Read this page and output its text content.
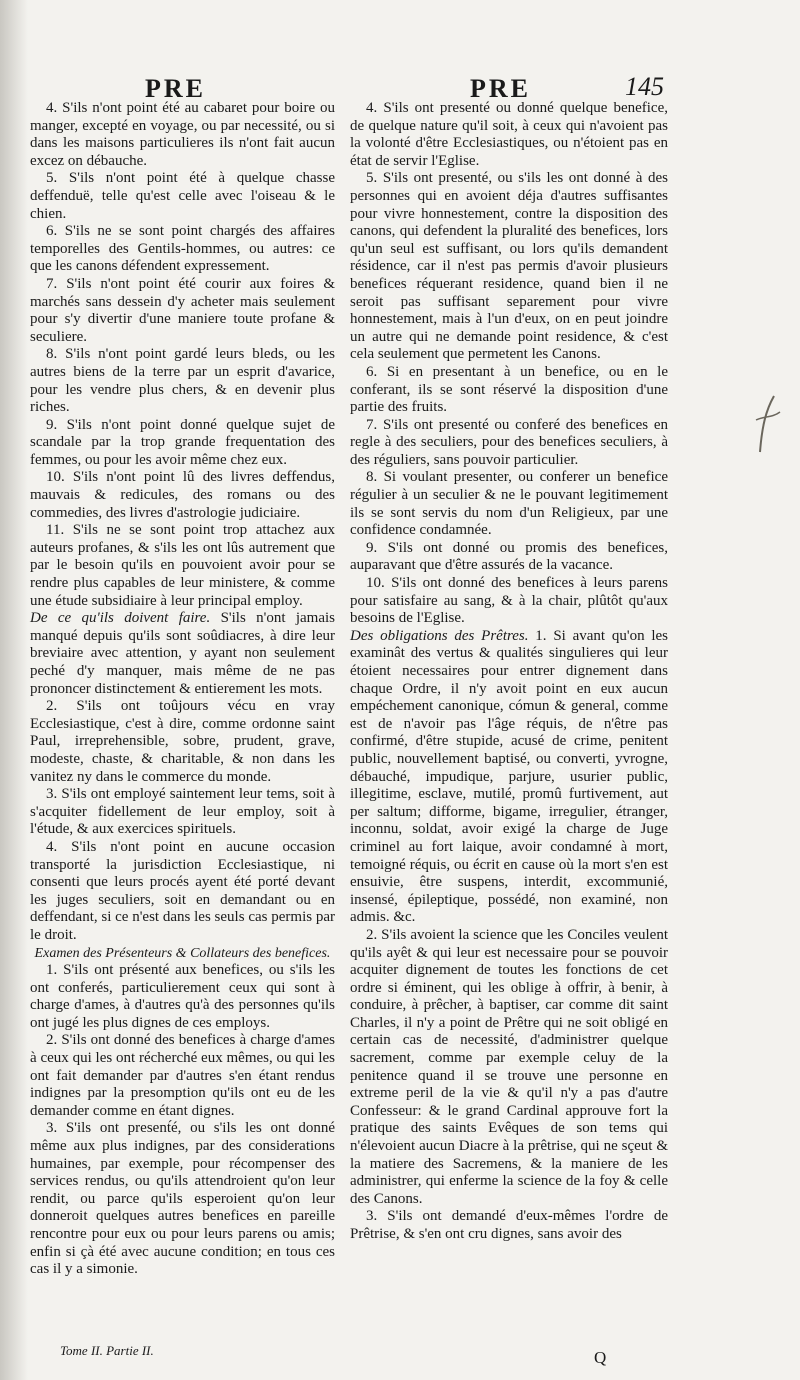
PRE	PRE	145

4. S'ils n'ont point été au cabaret pour boire ou manger, excepté en voyage, ou par necessité, ou si dans les maisons particulieres ils n'ont fait aucun excez on débauche.

5. S'ils n'ont point été à quelque chasse deffenduë, telle qu'est celle avec l'oiseau & le chien.

6. S'ils ne se sont point chargés des affaires temporelles des Gentils-hommes, ou autres: ce que les canons défendent expressement.

7. S'ils n'ont point été courir aux foires & marchés sans dessein d'y acheter mais seulement pour s'y divertir d'une maniere toute profane & seculiere.

8. S'ils n'ont point gardé leurs bleds, ou les autres biens de la terre par un esprit d'avarice, pour les vendre plus chers, & en devenir plus riches.

9. S'ils n'ont point donné quelque sujet de scandale par la trop grande frequentation des femmes, ou pour les avoir même chez eux.

10. S'ils n'ont point lû des livres deffendus, mauvais & redicules, des romans ou des commedies, des livres d'astrologie judiciaire.

11. S'ils ne se sont point trop attachez aux auteurs profanes, & s'ils les ont lûs autrement que par le besoin qu'ils en pouvoient avoir pour se rendre plus capables de leur ministere, & comme une étude subsidiaire à leur principal employ.

De ce qu'ils doivent faire. S'ils n'ont jamais manqué depuis qu'ils sont soûdiacres, à dire leur breviaire avec attention, y ayant non seulement peché d'y manquer, mais même de ne pas prononcer distinctement & entierement les mots.

2. S'ils ont toûjours vécu en vray Ecclesiastique, c'est à dire, comme ordonne saint Paul, irreprehensible, sobre, prudent, grave, modeste, chaste, & charitable, & non dans les vanitez ny dans le commerce du monde.

3. S'ils ont employé saintement leur tems, soit à s'acquiter fidellement de leur employ, soit à l'étude, & aux exercices spirituels.

4. S'ils n'ont point en aucune occasion transporté la jurisdiction Ecclesiastique, ni consenti que leurs procés ayent été porté devant les juges seculiers, soit en demandant ou en deffendant, si ce n'est dans les seuls cas permis par le droit.

Examen des Présenteurs & Collateurs des benefices.

1. S'ils ont présenté aux benefices, ou s'ils les ont conferés, particulierement ceux qui sont à charge d'ames, à d'autres qu'à des personnes qu'ils ont jugé les plus dignes de ces employs.

2. S'ils ont donné des benefices à charge d'ames à ceux qui les ont récherché eux mêmes, ou qui les ont fait demander par d'autres s'en étant rendus indignes par la presomption qu'ils ont eu de les demander comme en étant dignes.

3. S'ils ont present́é, ou s'ils les ont donné même aux plus indignes, par des considerations humaines, par exemple, pour récompenser des services rendus, ou qu'ils attendroient qu'on leur rendit, ou parce qu'ils esperoient qu'on leur donneroit quelques autres benefices en pareille rencontre pour eux ou pour leurs parens ou amis; enfin si çà été avec aucune condition; en tous ces cas il y a simonie.

4. S'ils ont presenté ou donné quelque benefice, de quelque nature qu'il soit, à ceux qui n'avoient pas la volonté d'être Ecclesiastiques, ou n'étoient pas en état de servir l'Eglise.

5. S'ils ont presenté, ou s'ils les ont donné à des personnes qui en avoient déja d'autres suffisantes pour vivre honnestement, contre la disposition des canons, qui defendent la pluralité des benefices, lors qu'un seul est suffisant, ou lors qu'ils demandent résidence, car il n'est pas permis d'avoir plusieurs benefices réquerant residence, quand bien il ne seroit pas suffisant separement pour vivre honnestement, mais à l'un d'eux, on en peut joindre un autre qui ne demande point residence, & c'est cela seulement que permetent les Canons.

6. Si en presentant à un benefice, ou en le conferant, ils se sont réservé la disposition d'une partie des fruits.

7. S'ils ont presenté ou conferé des benefices en regle à des seculiers, pour des benefices seculiers, à des réguliers, sans pouvoir particulier.

8. Si voulant presenter, ou conferer un benefice régulier à un seculier & ne le pouvant legitimement ils se sont servis du nom d'un Religieux, par une confidence condamnée.

9. S'ils ont donné ou promis des benefices, auparavant que d'être assurés de la vacance.

10. S'ils ont donné des benefices à leurs parens pour satisfaire au sang, & à la chair, plûtôt qu'aux besoins de l'Eglise.

Des obligations des Prêtres. 1. Si avant qu'on les examinât des vertus & qualités singulieres qui leur étoient necessaires pour entrer dignement dans chaque Ordre, il n'y avoit point en eux aucun empéchement canonique, cómun & general, comme est de n'avoir pas l'âge réquis, de n'être pas confirmé, d'être stupide, acusé de crime, penitent public, nouvellement baptisé, ou converti, yvrogne, débauché, impudique, parjure, usurier public, illegitime, esclave, mutilé, promû furtivement, aut per saltum; difforme, bigame, irregulier, étranger, inconnu, soldat, avoir exigé la charge de Juge criminel au fort laique, avoir condamné à mort, temoigné réquis, ou écrit en cause où la mort s'en est ensuivie, être suspens, interdit, excommunié, insensé, épileptique, possédé, non examiné, non admis. &c.

2. S'ils avoient la science que les Conciles veulent qu'ils ayêt & qui leur est necessaire pour se pouvoir acquiter dignement de toutes les fonctions de cet ordre si éminent, qui les oblige à offrir, à benir, à conduire, à prêcher, à baptiser, car comme dit saint Charles, il n'y a point de Prêtre qui ne soit obligé en certain cas de necessité, d'administrer quelque sacrement, comme par exemple celuy de la penitence quand il se trouve une personne en extreme peril de la vie & qu'il n'y a pas d'autre Confesseur: & le grand Cardinal approuve fort la pratique des saints Evêques de son tems qui n'élevoient aucun Diacre à la prêtrise, qui ne sçeut & la matiere des Sacremens, & la maniere de les administrer, qui enferme la science de la foy & celle des Canons.

3. S'ils ont demandé d'eux-mêmes l'ordre de Prêtrise, & s'en ont cru dignes, sans avoir des

Tome II. Partie II.	Q
